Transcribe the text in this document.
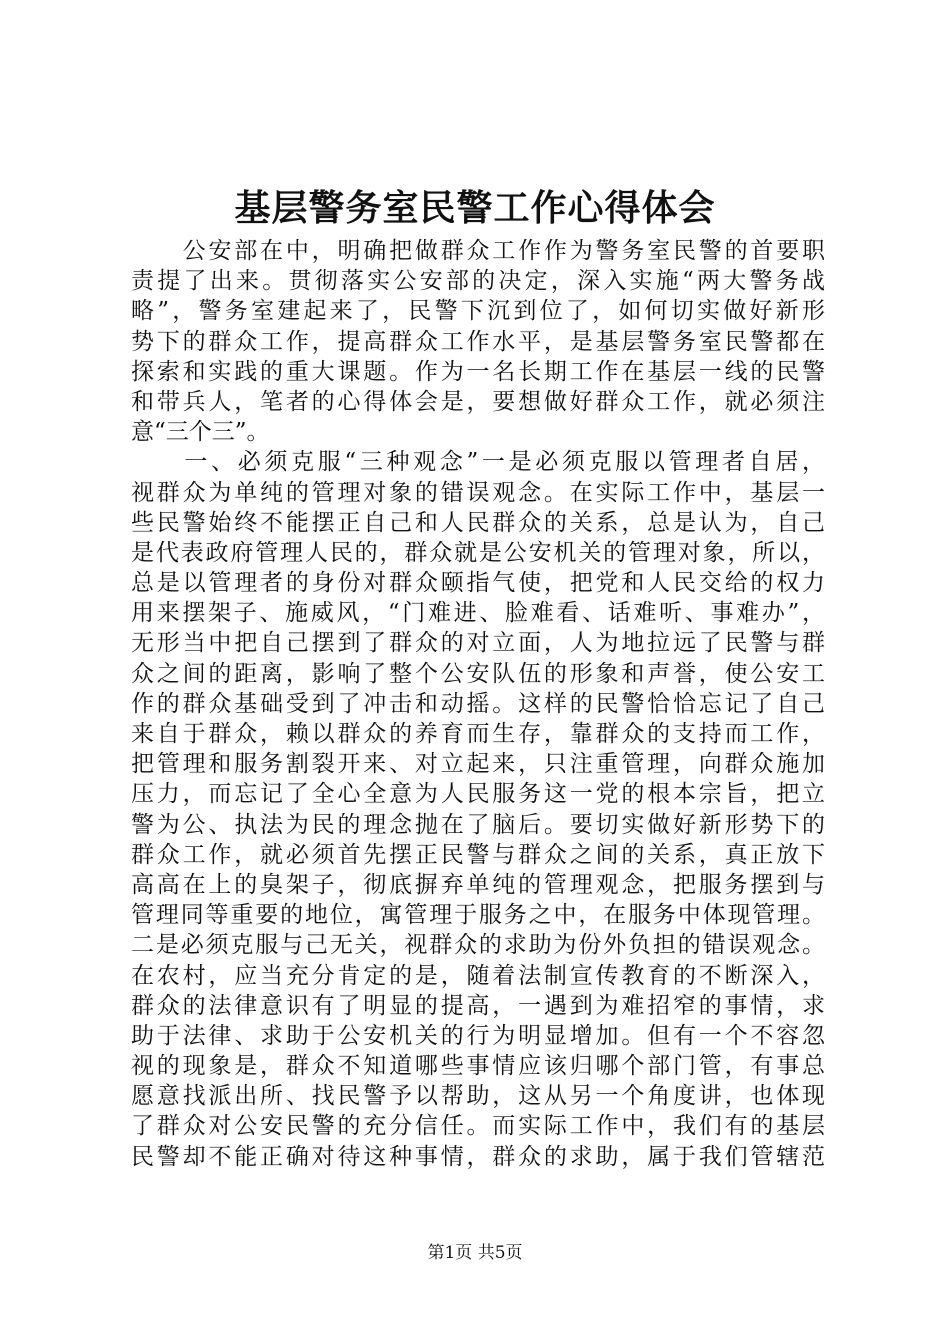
基层警务室民警工作心得体会
　　公安部在中，明确把做群众工作作为警务室民警的首要职
责提了出来。贯彻落实公安部的决定，深入实施“两大警务战
略”，警务室建起来了，民警下沉到位了，如何切实做好新形
势下的群众工作，提高群众工作水平，是基层警务室民警都在
探索和实践的重大课题。作为一名长期工作在基层一线的民警
和带兵人，笔者的心得体会是，要想做好群众工作，就必须注
意“三个三”。
　　一、必须克服“三种观念”一是必须克服以管理者自居，
视群众为单纯的管理对象的错误观念。在实际工作中，基层一
些民警始终不能摆正自己和人民群众的关系，总是认为，自己
是代表政府管理人民的，群众就是公安机关的管理对象，所以，
总是以管理者的身份对群众颐指气使，把党和人民交给的权力
用来摆架子、施威风，“门难进、脸难看、话难听、事难办”，
无形当中把自己摆到了群众的对立面，人为地拉远了民警与群
众之间的距离，影响了整个公安队伍的形象和声誉，使公安工
作的群众基础受到了冲击和动摇。这样的民警恰恰忘记了自己
来自于群众，赖以群众的养育而生存，靠群众的支持而工作，
把管理和服务割裂开来、对立起来，只注重管理，向群众施加
压力，而忘记了全心全意为人民服务这一党的根本宗旨，把立
警为公、执法为民的理念抛在了脑后。要切实做好新形势下的
群众工作，就必须首先摆正民警与群众之间的关系，真正放下
高高在上的臭架子，彻底摒弃单纯的管理观念，把服务摆到与
管理同等重要的地位，寓管理于服务之中，在服务中体现管理。
二是必须克服与己无关，视群众的求助为份外负担的错误观念。
在农村，应当充分肯定的是，随着法制宣传教育的不断深入，
群众的法律意识有了明显的提高，一遇到为难招窄的事情，求
助于法律、求助于公安机关的行为明显增加。但有一个不容忽
视的现象是，群众不知道哪些事情应该归哪个部门管，有事总
愿意找派出所、找民警予以帮助，这从另一个角度讲，也体现
了群众对公安民警的充分信任。而实际工作中，我们有的基层
民警却不能正确对待这种事情，群众的求助，属于我们管辖范
第1页 共5页
